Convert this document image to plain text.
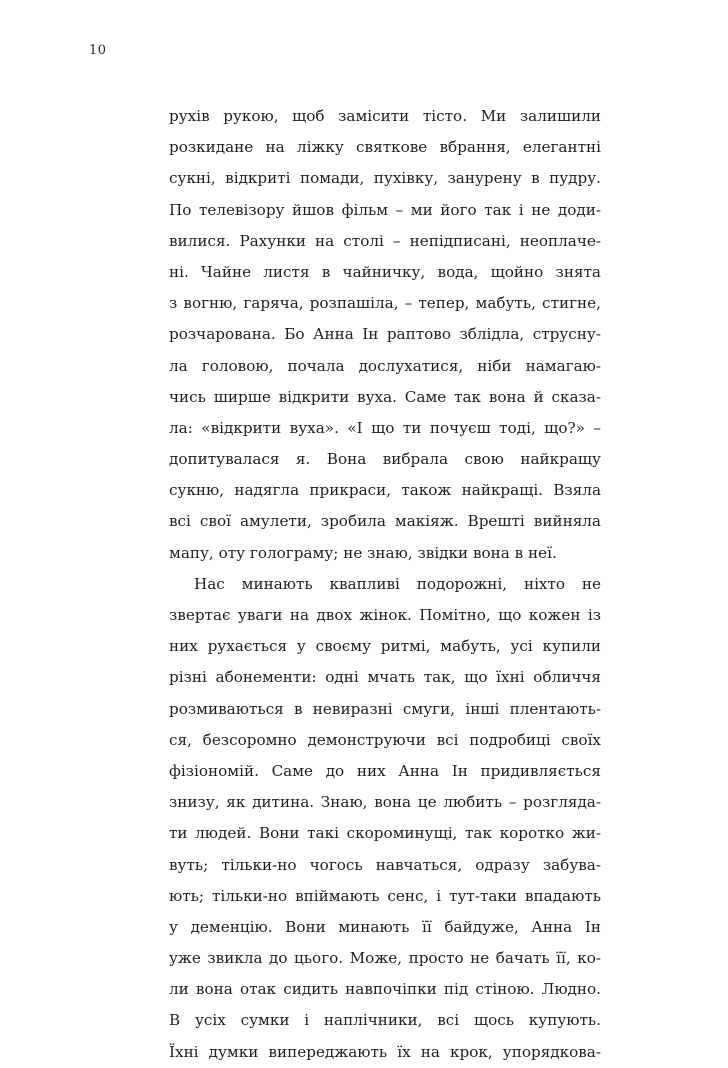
10
рухів рукою, щоб замісити тісто. Ми залишили
розкидане на ліжку святкове вбрання, елегантні
сукні, відкриті помади, пухівку, занурену в пудру.
По телевізору йшов фільм – ми його так і не доди-
вилися. Рахунки на столі – непідписані, неоплаче-
ні. Чайне листя в чайничку, вода, щойно знята
з вогню, гаряча, розпашіла, – тепер, мабуть, стигне,
розчарована. Бо Анна Ін раптово зблідла, струсну-
ла головою, почала дослухатися, ніби намагаю-
чись ширше відкрити вуха. Саме так вона й сказа-
ла: «відкрити вуха». «І що ти почуєш тоді, що?» –
допитувалася я. Вона вибрала свою найкращу
сукню, надягла прикраси, також найкращі. Взяла
всі свої амулети, зробила макіяж. Врешті вийняла
мапу, оту голограму; не знаю, звідки вона в неї.
Нас минають квапливі подорожні, ніхто не
звертає уваги на двох жінок. Помітно, що кожен із
них рухається у своєму ритмі, мабуть, усі купили
різні абонементи: одні мчать так, що їхні обличчя
розмиваються в невиразні смуги, інші плентають-
ся, безсоромно демонструючи всі подробиці своїх
фізіономій. Саме до них Анна Ін придивляється
знизу, як дитина. Знаю, вона це любить – розгляда-
ти людей. Вони такі скороминущі, так коротко жи-
вуть; тільки-но чогось навчаться, одразу забува-
ють; тільки-но впіймають сенс, і тут-таки впадають
у деменцію. Вони минають її байдуже, Анна Ін
уже звикла до цього. Може, просто не бачать її, ко-
ли вона отак сидить навпочіпки під стіною. Людно.
В усіх сумки і наплічники, всі щось купують.
Їхні думки випереджають їх на крок, упорядкова-
